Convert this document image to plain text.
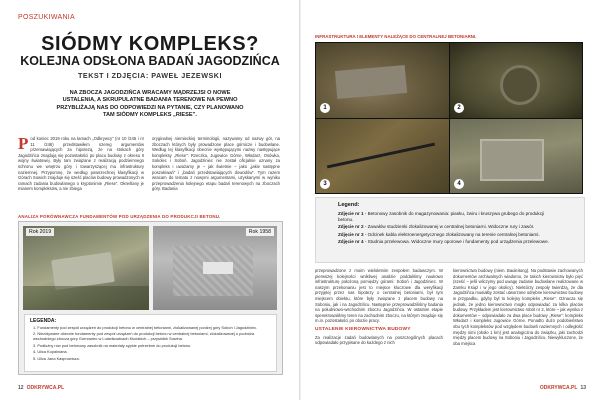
POSZUKIWANIA
SIÓDMY KOMPLEKS?
KOLEJNA ODSŁONA BADAŃ JAGODZIŃCA
TEKST I ZDJĘCIA: PAWEŁ JEZEWSKI
NA ZBOCZA JAGODZIŃCA WRACAMY MĄDRZEJSI O NOWE USTALENIA, A SKRUPULATNE BADANIA TERENOWE NA PEWNO PRZYBLIŻAJĄ NAS DO ODPOWIEDZI NA PYTANIE, CZY PLANOWANO TAM SIÓDMY KOMPLEKS „RIESE”.
Pod koniec 2019 roku na łamach „Odkrywcy” (nr 10 /245 i nr 11 /246) przedstawiłem szereg argumentów przemawiających za hipotezą, że na stokach góry Jagodzińca znajdują się pozostałości po placu budowy z okresu II wojny światowej. Były tam związane z realizacją podziemnego schronu we wnętrzu góry i towarzyszącej mu infrastruktury naziemnej. Przypomnę, że według powszechnej klasyfikacji w Górach Sowich znajduje się sześć placów budowy prowadzonych w ramach zadania budowlanego o kryptonimie „Riese”. Określany je mianem kompleksów, a nie zbiega
oryginalnej niemieckiej terminologii, nazywamy od nazwy gór, na zboczach których były prowadzone place górnicze i budowlane. Według tej klasyfikacji obecnie występującymi nazwy następujące kompleksy „Riese”: Rzeczka, Jugowice Górne, Włodarz, Osówka, Sokolec i Soboń. Jagodziniec nie został oficjalnie uznany za kompleks i uważamy je – jak świetnie – jako „jakie następne poszukiwań” i „badań przedstawiających dowodów”. Tym razem wracam do tematu z nowymi argumentami, uzyskanymi w wyniku przeprowadzenia kolejnego etapu badań terenowych na zboczach góry. Badania
ANALIZA PORÓWNAWCZA FUNDAMENTÓW POD URZĄDZENIA DO PRODUKCJI BETONU.
Rok 2019	Rok 1958
LEGENDA:
1. Fundamenty pod zespół urządzeń do produkcji betonu w centralnej betoniarni, zlokalizowanej poniżej góry Soboń i Jagodziniec.
2. Niezidywane obecnie fundamenty pod zespół urządzeń do produkcji betonu w centralnej betoniarni, zlokalizowanej u podnóża wschodniego zbocza góry Górnowiec w Ludwikowicach Kłodzkich – przysiółek Sowina.
3. Podłużny rów pod betonowy zasobnik na materiały sypkie potrzebne do produkcji betonu.
4. Ulica Kopalniana.
5. Ulica Jana Kasprowicza.
12 ODKRYWCA.PL
INFRASTRUKTURA I ELEMENTY NALEŻĄCE DO CENTRALNEJ BETONIARNI.
1	2
3	4
Legend:
Zdjęcie nr 1 - Betonowy zasobnik do magazynowania: piasku, żwiru i kruszywa grubego do produkcji betonu.
Zdjęcie nr 2 - Zawałów studzienki zlokalizowanej w centralnej betoniarni. Widoczne rury i zawór.
Zdjęcie nr 3 - Odcinek kabla elektroenergetycznego zlokalizowany na terenie centralnej betoniarni.
Zdjęcie nr 4 - Studnia przelewowa. Widoczne mury oporowe i fundamenty pod urządzenia przelewowe.
przeprowadzone z moim wieloletnim zespołem badawczym. W pierwszej kolejności wnikliwej analizie poddaliśmy naukowo infrastrukturę położoną pomiędzy górami: Soboń i Jagodziniec. W naszym przekonaniu jest to miejsce kluczowe dla weryfikacji przyjętej przez nas hipotezy o centralnej betoniarni, był tym miejscem obiektu, które były związane z placem budowy na Soboniu, jak i na Jagodzińcu. Następnie przeprowadziliśmy badania na południowo-wschodnim zboczu Jagodzińca. W ostatnim etapie spenetrowaliśmy teren na zachodnim zboczu, na którym znajduje się m.in. pozostałości po obozie pracy.
USTALENIE KIEROWNICTWA BUDOWY
Za realizacje zadań budowlanych na poszczególnych placach odpowiadało przypisane do każdego z nich
kierownictwo budowy (niem. Bauleitung). Na podstawie zachowanych dokumentów archiwalnych wiadomo, że takich kierownictw było pięć (sześć – jeśli wliczymy pod uwagę zadanie budowlane realizowane w Zamku Książ i w jego okolicy). Niektórzy zespoły twierdzą, że dla Jagodzińca musiałby zostać utworzone odrębne kierownictwo budowy w przypadku, gdyby był to kolejny kompleks „Riese”. Oznacza się jednak, że jedno kierownictwo mogło odpowiadać za kilka placów budowy. Przykładem jest kierownictwo robót nr 2, które – jak wynika z dokumentów – odpowiadało za dwa place budowy „Riese”: kompleks Włodarz i kompleks Jugowice Górne. Ponadto dużo podobieństwo obu tych kompleksów pod względem budowli naziemnych i odległość między nimi (około 1 km) jest analogiczna do związku, jaki zachodzi między placem budowy na Soboniu i Jagodzińcu. Niewykluczone, że oba miejsca
ODKRYWCA.PL 13
